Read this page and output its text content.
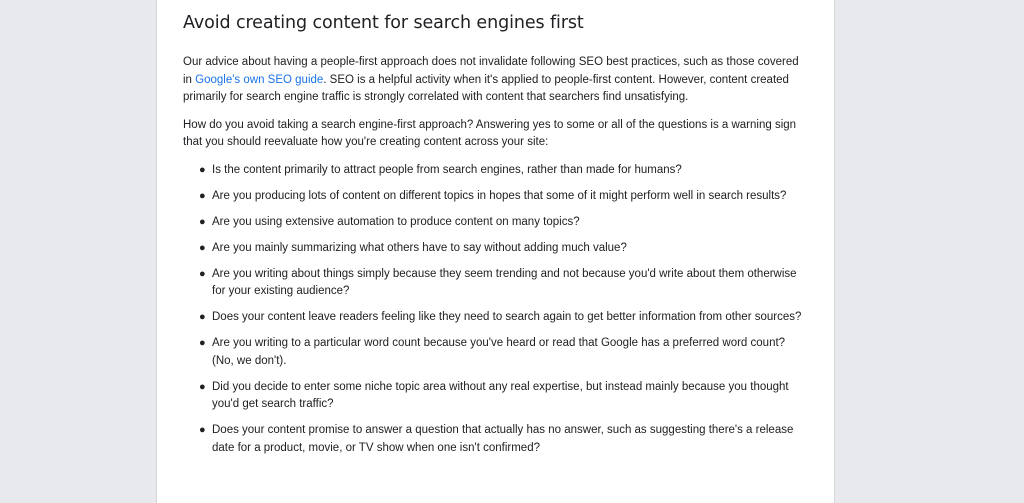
Avoid creating content for search engines first

Our advice about having a people-first approach does not invalidate following SEO best practices, such as those covered in Google's own SEO guide. SEO is a helpful activity when it's applied to people-first content. However, content created primarily for search engine traffic is strongly correlated with content that searchers find unsatisfying.

How do you avoid taking a search engine-first approach? Answering yes to some or all of the questions is a warning sign that you should reevaluate how you're creating content across your site:

● Is the content primarily to attract people from search engines, rather than made for humans?
● Are you producing lots of content on different topics in hopes that some of it might perform well in search results?
● Are you using extensive automation to produce content on many topics?
● Are you mainly summarizing what others have to say without adding much value?
● Are you writing about things simply because they seem trending and not because you'd write about them otherwise for your existing audience?
● Does your content leave readers feeling like they need to search again to get better information from other sources?
● Are you writing to a particular word count because you've heard or read that Google has a preferred word count? (No, we don't).
● Did you decide to enter some niche topic area without any real expertise, but instead mainly because you thought you'd get search traffic?
● Does your content promise to answer a question that actually has no answer, such as suggesting there's a release date for a product, movie, or TV show when one isn't confirmed?
